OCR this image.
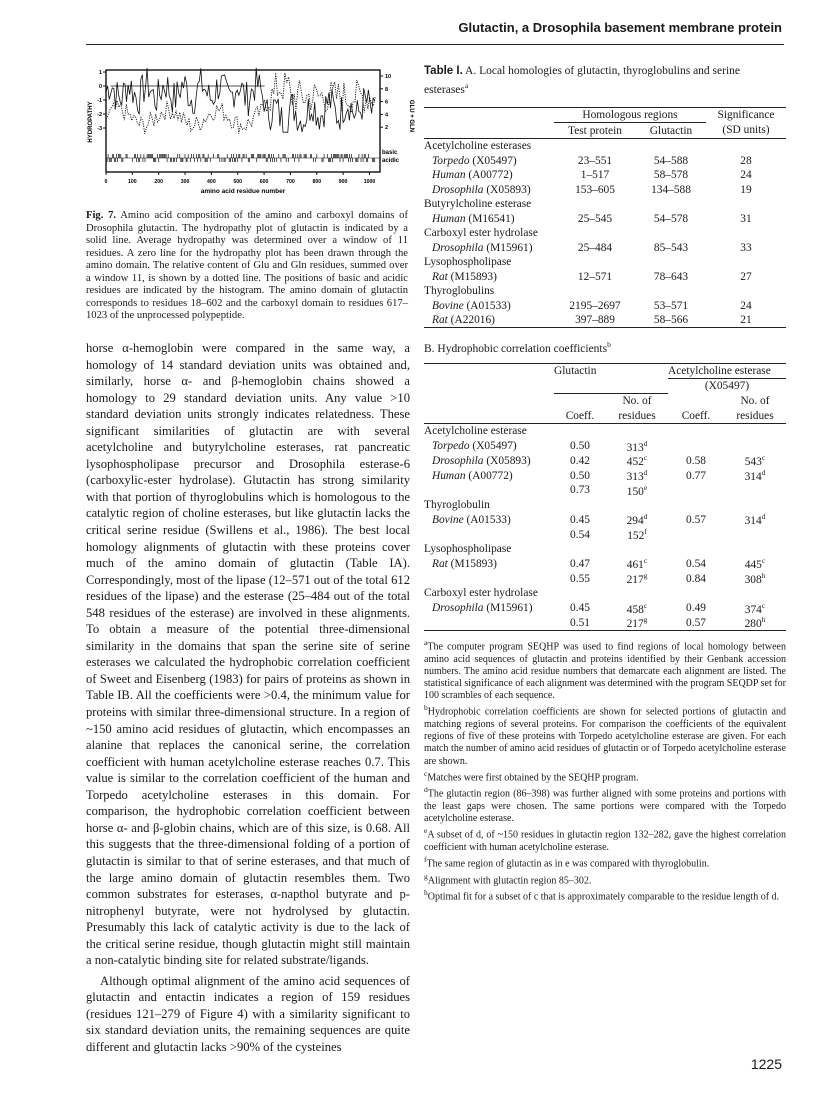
Glutactin, a Drosophila basement membrane protein
0	100	200	300	400	500	600	700	800	900	1000
1
0
-1
-2
-3
10
8
6
4
2
HYDROPATHY	GLU + GLN
basic
acidic
amino acid residue number
Fig. 7. Amino acid composition of the amino and carboxyl domains of Drosophila glutactin. The hydropathy plot of glutactin is indicated by a solid line. Average hydropathy was determined over a window of 11 residues. A zero line for the hydropathy plot has been drawn through the amino domain. The relative content of Glu and Gln residues, summed over a window 11, is shown by a dotted line. The positions of basic and acidic residues are indicated by the histogram. The amino domain of glutactin corresponds to residues 18–602 and the carboxyl domain to residues 617–1023 of the unprocessed polypeptide.

horse α-hemoglobin were compared in the same way, a homology of 14 standard deviation units was obtained and, similarly, horse α- and β-hemoglobin chains showed a homology to 29 standard deviation units. Any value >10 standard deviation units strongly indicates relatedness. These significant similarities of glutactin are with several acetylcholine and butyrylcholine esterases, rat pancreatic lysophospholipase precursor and Drosophila esterase-6 (carboxylic-ester hydrolase). Glutactin has strong similarity with that portion of thyroglobulins which is homologous to the catalytic region of choline esterases, but like glutactin lacks the critical serine residue (Swillens et al., 1986). The best local homology alignments of glutactin with these proteins cover much of the amino domain of glutactin (Table IA). Correspondingly, most of the lipase (12–571 out of the total 612 residues of the lipase) and the esterase (25–484 out of the total 548 residues of the esterase) are involved in these alignments. To obtain a measure of the potential three-dimensional similarity in the domains that span the serine site of serine esterases we calculated the hydrophobic correlation coefficient of Sweet and Eisenberg (1983) for pairs of proteins as shown in Table IB. All the coefficients were >0.4, the minimum value for proteins with similar three-dimensional structure. In a region of ~150 amino acid residues of glutactin, which encompasses an alanine that replaces the canonical serine, the correlation coefficient with human acetylcholine esterase reaches 0.7. This value is similar to the correlation coefficient of the human and Torpedo acetylcholine esterases in this domain. For comparison, the hydrophobic correlation coefficient between horse α- and β-globin chains, which are of this size, is 0.68. All this suggests that the three-dimensional folding of a portion of glutactin is similar to that of serine esterases, and that much of the large amino domain of glutactin resembles them. Two common substrates for esterases, α-napthol butyrate and p-nitrophenyl butyrate, were not hydrolysed by glutactin. Presumably this lack of catalytic activity is due to the lack of the critical serine residue, though glutactin might still maintain a non-catalytic binding site for related substrate/ligands.

Although optimal alignment of the amino acid sequences of glutactin and entactin indicates a region of 159 residues (residues 121–279 of Figure 4) with a similarity significant to six standard deviation units, the remaining sequences are quite different and glutactin lacks >90% of the cysteines

Table I. A. Local homologies of glutactin, thyroglobulins and serine esterases$^a$
	Homologous regions		Significance
	Test protein	Glutactin	(SD units)
Acetylcholine esterases			
Torpedo (X05497)	23–551	54–588	28
Human (A00772)	1–517	58–578	24
Drosophila (X05893)	153–605	134–588	19
Butyrylcholine esterase			
Human (M16541)	25–545	54–578	31
Carboxyl ester hydrolase			
Drosophila (M15961)	25–484	85–543	33
Lysophospholipase			
Rat (M15893)	12–571	78–643	27
Thyroglobulins			
Bovine (A01533)	2195–2697	53–571	24
Rat (A22016)	397–889	58–566	21
B. Hydrophobic correlation coefficients$^b$
	Glutactin		Acetylcholine esterase	
			(X05497)	
		No. of		No. of
	Coeff.	residues	Coeff.	residues
Acetylcholine esterase				
Torpedo (X05497)	0.50	313$^d$		
Drosophila (X05893)	0.42	452$^c$	0.58	543$^c$
Human (A00772)	0.50	313$^d$	0.77	314$^d$
	0.73	150e		
Thyroglobulin				
Bovine (A01533)	0.45	294$^d$	0.57	314$^d$
	0.54	152$^f$		
Lysophospholipase				
Rat (M15893)	0.47	461$^c$	0.54	445$^c$
	0.55	217$^g$	0.84	308$^h$
Carboxyl ester hydrolase				
Drosophila (M15961)	0.45	458$^c$	0.49	374$^c$
	0.51	217$^g$	0.57	280$^h$

$^a$The computer program SEQHP was used to find regions of local homology between amino acid sequences of glutactin and proteins identified by their Genbank accession numbers. The amino acid residue numbers that demarcate each alignment are listed. The statistical significance of each alignment was determined with the program SEQDP set for 100 scrambles of each sequence.

$^b$Hydrophobic correlation coefficients are shown for selected portions of glutactin and matching regions of several proteins. For comparison the coefficients of the equivalent regions of five of these proteins with Torpedo acetylcholine esterase are given. For each match the number of amino acid residues of glutactin or of Torpedo acetylcholine esterase are shown.

$^c$Matches were first obtained by the SEQHP program.

$^d$The glutactin region (86–398) was further aligned with some proteins and portions with the least gaps were chosen. The same portions were compared with the Torpedo acetylcholine esterase.

$^e$A subset of d, of ~150 residues in glutactin region 132–282, gave the highest correlation coefficient with human acetylcholine esterase.

$^f$The same region of glutactin as in e was compared with thyroglobulin.

$^g$Alignment with glutactin region 85–302.

$^h$Optimal fit for a subset of c that is approximately comparable to the residue length of d.

1225
